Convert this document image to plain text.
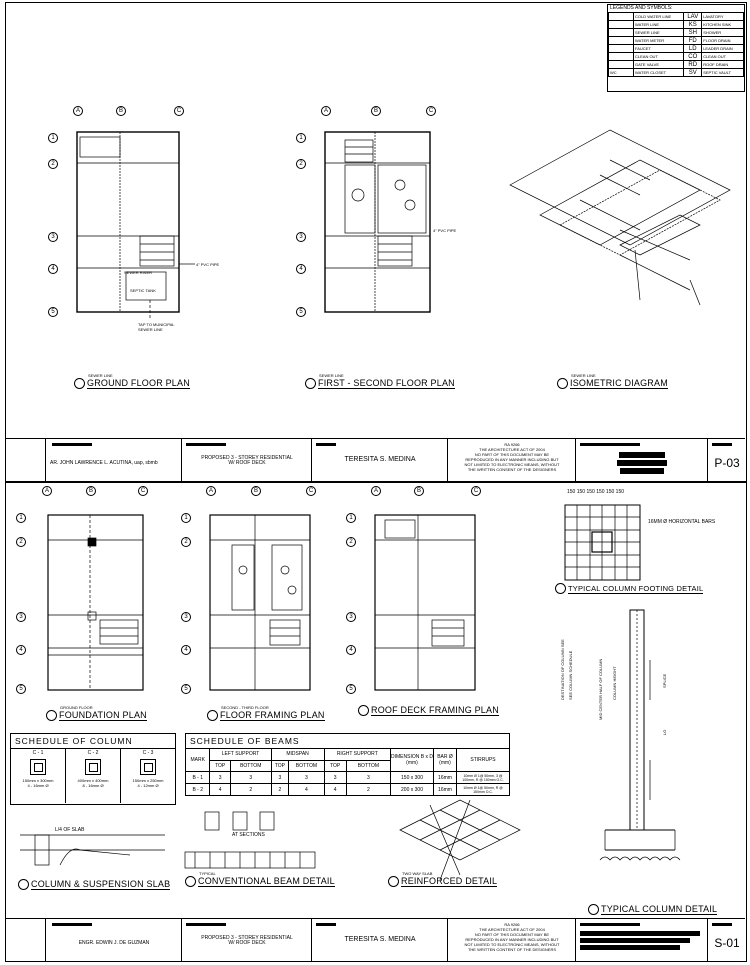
LEGENDS AND SYMBOLS:
	COLD WATER LINE	LAV	LAVATORY
	WATER LINE	KS	KITCHEN SINK
	SEWER LINE	SH	SHOWER
	WATER METER	FD	FLOOR DRAIN
	FAUCET	LD	LEADER DRAIN
	CLEAN OUT	CO	CLEAN OUT
	GATE VALVE	RD	ROOF DRAIN
WC	WATER CLOSET	SV	SEPTIC VAULT
A	B	C
1
2
3
4
5
A	B	C
1
2
3
4
5
4" PVC PIPE
4" PVC PIPE
SEPTIC TANK
SEWER RISER
TAP TO MUNICIPAL SEWER LINE
SEWER LINE
GROUND FLOOR PLAN
SEWER LINE
FIRST - SECOND FLOOR PLAN
SEWER LINE
ISOMETRIC DIAGRAM
AR. JOHN LAWRENCE L. ACUTINA, uap, sbmb
PROPOSED 3 - STOREY RESIDENTIAL
W/ ROOF DECK	TERESITA S. MEDINA
RA 9266
THE ARCHITECTURE ACT OF 2004
NO PART OF THIS DOCUMENT MAY BE
REPRODUCED IN ANY MANNER INCLUDING BUT
NOT LIMITED TO ELECTRONIC MEANS, WITHOUT
THE WRITTEN CONSENT OF THE DESIGNERS	P-03
A	B	C
1
2
3
4
5
A	B	C
1
2
3
4
5
A	B	C
1
2
3
4
5
GROUND FLOOR
FOUNDATION PLAN
SECOND - THIRD FLOOR
FLOOR FRAMING PLAN	ROOF DECK FRAMING PLAN
150 150 150 150 150 150
16MM Ø HORIZONTAL BARS
TYPICAL COLUMN FOOTING DETAIL
DESTINATION OF COLUMN SEE SEE COLUMN SCHEDULE	MID CENTER HALF OF COLUMN COLUMN HEIGHT	SPLICE
LO
TYPICAL COLUMN DETAIL
SCHEDULE OF COLUMN
C - 1
150mm x 300mm
4 - 16mm Ø
C - 2
400mm x 400mm
8 - 16mm Ø
C - 3
150mm x 250mm
4 - 12mm Ø
SCHEDULE OF BEAMS
MARK	LEFT SUPPORT		MIDSPAN		RIGHT SUPPORT		DIMENSION B x D (mm)	BAR Ø (mm)	STIRRUPS
	TOP	BOTTOM	TOP	BOTTOM	TOP	BOTTOM			
B - 1	3	3	3	3	3	3	150 x 300	16mm	10mm Ø 1@ 50mm, 3 @ 100mm, R @ 150mm O.C.
B - 2	4	2	2	4	4	2	200 x 300	16mm	10mm Ø 1@ 50mm, R @ 150mm O.C.
L/4 OF SLAB
AT SECTIONS
COLUMN & SUSPENSION SLAB
TYPICAL
CONVENTIONAL BEAM DETAIL
TWO WAY SLAB
REINFORCED DETAIL
ENGR. EDWIN J. DE GUZMAN
PROPOSED 3 - STOREY RESIDENTIAL
W/ ROOF DECK	TERESITA S. MEDINA
RA 9266
THE ARCHITECTURE ACT OF 2004
NO PART OF THIS DOCUMENT MAY BE
REPRODUCED IN ANY MANNER INCLUDING BUT
NOT LIMITED TO ELECTRONIC MEANS, WITHOUT
THE WRITTEN CONTENT OF THE DESIGNERS	S-01
